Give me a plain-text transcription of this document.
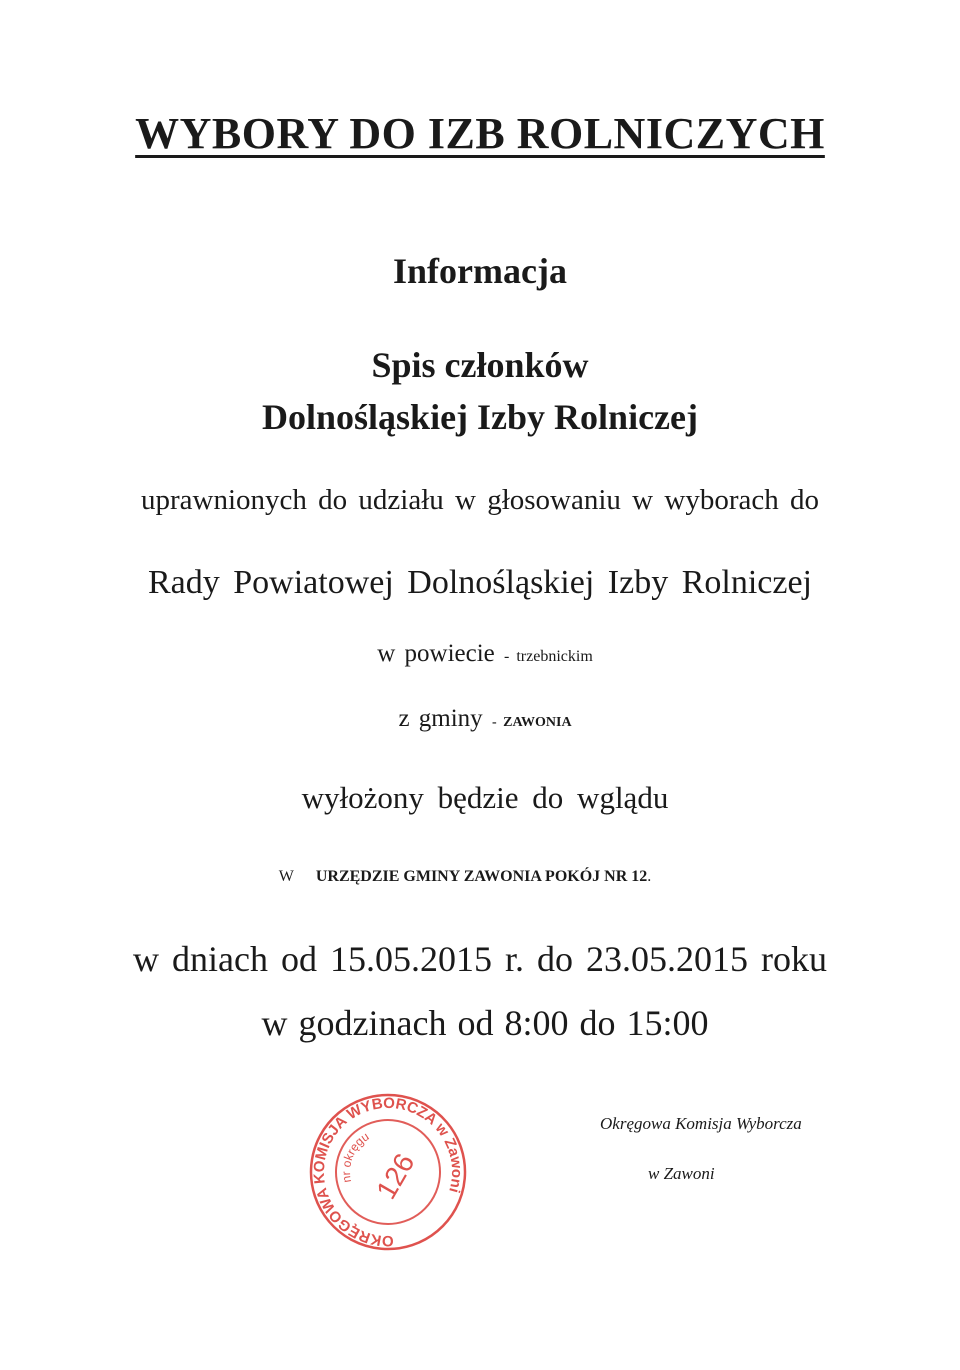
WYBORY DO IZB ROLNICZYCH
Informacja
Spis członków
Dolnośląskiej Izby Rolniczej
uprawnionych do udziału w głosowaniu w wyborach do
Rady Powiatowej Dolnośląskiej Izby Rolniczej
w powiecie - trzebnickim
z gminy - ZAWONIA
wyłożony będzie do wglądu
W URZĘDZIE GMINY ZAWONIA POKÓJ NR 12.
w dniach od 15.05.2015 r. do 23.05.2015 roku
w godzinach od 8:00 do 15:00
OKRĘGOWA KOMISJA WYBORCZA w Zawoni
nr okręgu
126
Okręgowa Komisja Wyborcza
w Zawoni
